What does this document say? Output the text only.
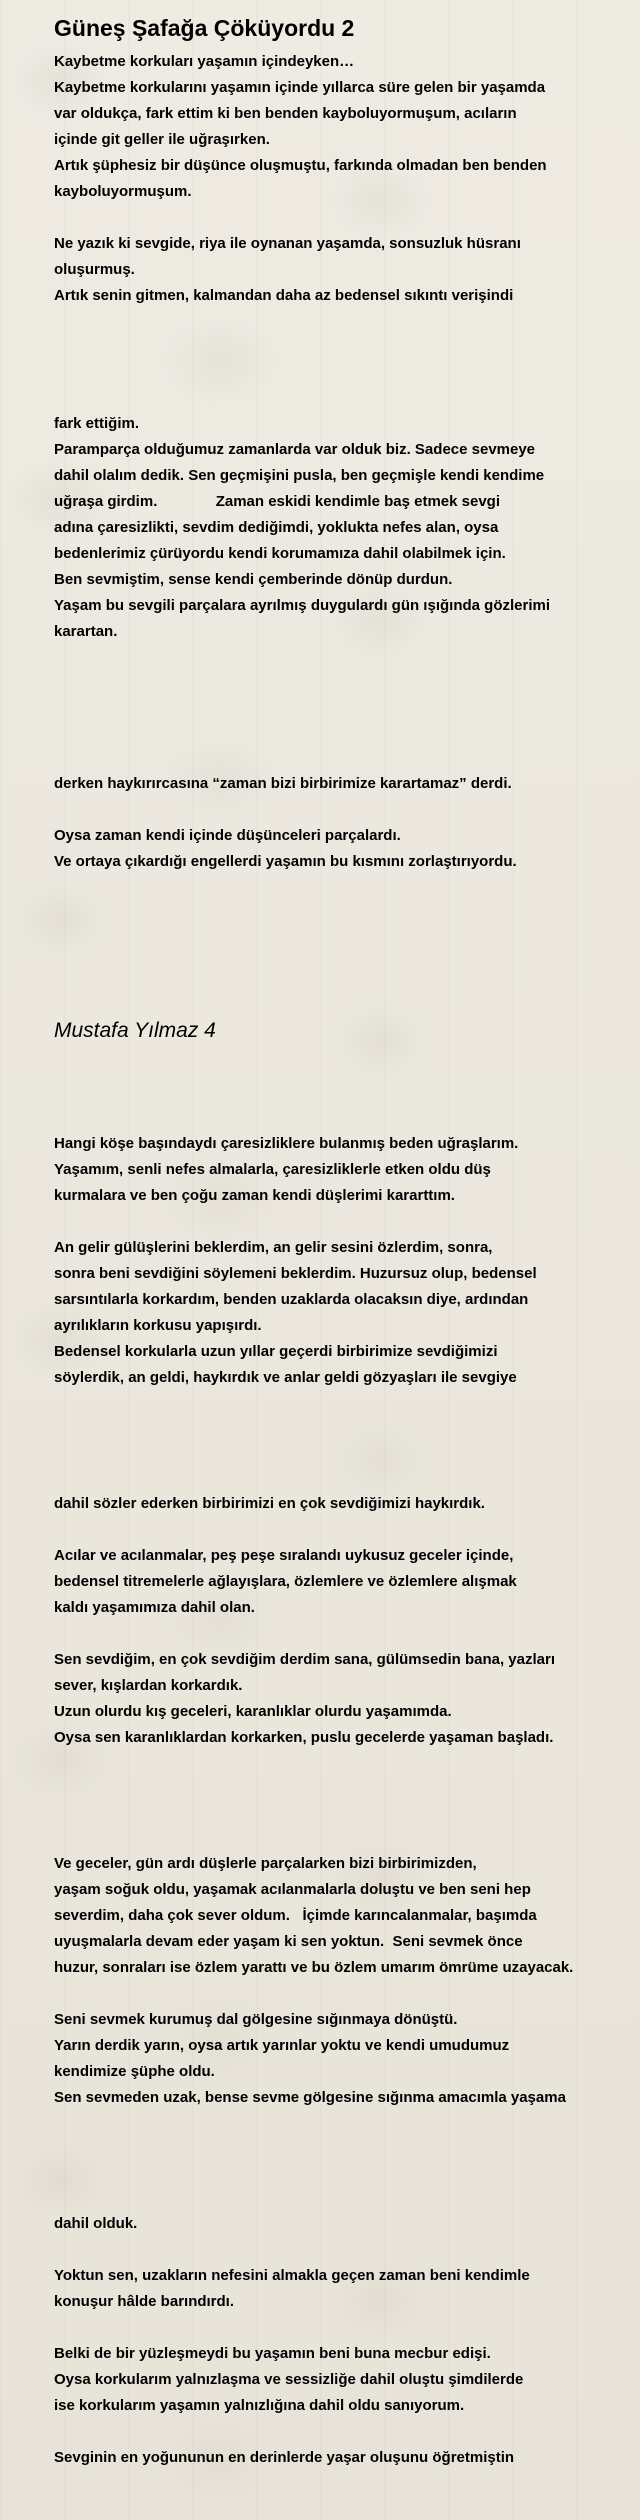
Güneş Şafağa Çöküyordu 2
Kaybetme korkuları yaşamın içindeyken…
Kaybetme korkularını yaşamın içinde yıllarca süre gelen bir yaşamda
var oldukça, fark ettim ki ben benden kayboluyormuşum, acıların
içinde git geller ile uğraşırken.
Artık şüphesiz bir düşünce oluşmuştu, farkında olmadan ben benden
kayboluyormuşum.
Ne yazık ki sevgide, riya ile oynanan yaşamda, sonsuzluk hüsranı
oluşurmuş.
Artık senin gitmen, kalmandan daha az bedensel sıkıntı verişindi
fark ettiğim.
Paramparça olduğumuz zamanlarda var olduk biz. Sadece sevmeye
dahil olalım dedik. Sen geçmişini pusla, ben geçmişle kendi kendime
uğraşa girdim.              Zaman eskidi kendimle baş etmek sevgi
adına çaresizlikti, sevdim dediğimdi, yoklukta nefes alan, oysa
bedenlerimiz çürüyordu kendi korumamıza dahil olabilmek için.
Ben sevmiştim, sense kendi çemberinde dönüp durdun.
Yaşam bu sevgili parçalara ayrılmış duygulardı gün ışığında gözlerimi
karartan.
derken haykırırcasına “zaman bizi birbirimize karartamaz” derdi.
Oysa zaman kendi içinde düşünceleri parçalardı.
Ve ortaya çıkardığı engellerdi yaşamın bu kısmını zorlaştırıyordu.
Mustafa Yılmaz 4
Hangi köşe başındaydı çaresizliklere bulanmış beden uğraşlarım.
Yaşamım, senli nefes almalarla, çaresizliklerle etken oldu düş
kurmalara ve ben çoğu zaman kendi düşlerimi kararttım.
An gelir gülüşlerini beklerdim, an gelir sesini özlerdim, sonra,
sonra beni sevdiğini söylemeni beklerdim. Huzursuz olup, bedensel
sarsıntılarla korkardım, benden uzaklarda olacaksın diye, ardından
ayrılıkların korkusu yapışırdı.
Bedensel korkularla uzun yıllar geçerdi birbirimize sevdiğimizi
söylerdik, an geldi, haykırdık ve anlar geldi gözyaşları ile sevgiye
dahil sözler ederken birbirimizi en çok sevdiğimizi haykırdık.
Acılar ve acılanmalar, peş peşe sıralandı uykusuz geceler içinde,
bedensel titremelerle ağlayışlara, özlemlere ve özlemlere alışmak
kaldı yaşamımıza dahil olan.
Sen sevdiğim, en çok sevdiğim derdim sana, gülümsedin bana, yazları
sever, kışlardan korkardık.
Uzun olurdu kış geceleri, karanlıklar olurdu yaşamımda.
Oysa sen karanlıklardan korkarken, puslu gecelerde yaşaman başladı.
Ve geceler, gün ardı düşlerle parçalarken bizi birbirimizden,
yaşam soğuk oldu, yaşamak acılanmalarla doluştu ve ben seni hep
severdim, daha çok sever oldum.   İçimde karıncalanmalar, başımda
uyuşmalarla devam eder yaşam ki sen yoktun.  Seni sevmek önce
huzur, sonraları ise özlem yarattı ve bu özlem umarım ömrüme uzayacak.
Seni sevmek kurumuş dal gölgesine sığınmaya dönüştü.
Yarın derdik yarın, oysa artık yarınlar yoktu ve kendi umudumuz
kendimize şüphe oldu.
Sen sevmeden uzak, bense sevme gölgesine sığınma amacımla yaşama
dahil olduk.
Yoktun sen, uzakların nefesini almakla geçen zaman beni kendimle
konuşur hâlde barındırdı.
Belki de bir yüzleşmeydi bu yaşamın beni buna mecbur edişi.
Oysa korkularım yalnızlaşma ve sessizliğe dahil oluştu şimdilerde
ise korkularım yaşamın yalnızlığına dahil oldu sanıyorum.
Sevginin en yoğununun en derinlerde yaşar oluşunu öğretmiştin
